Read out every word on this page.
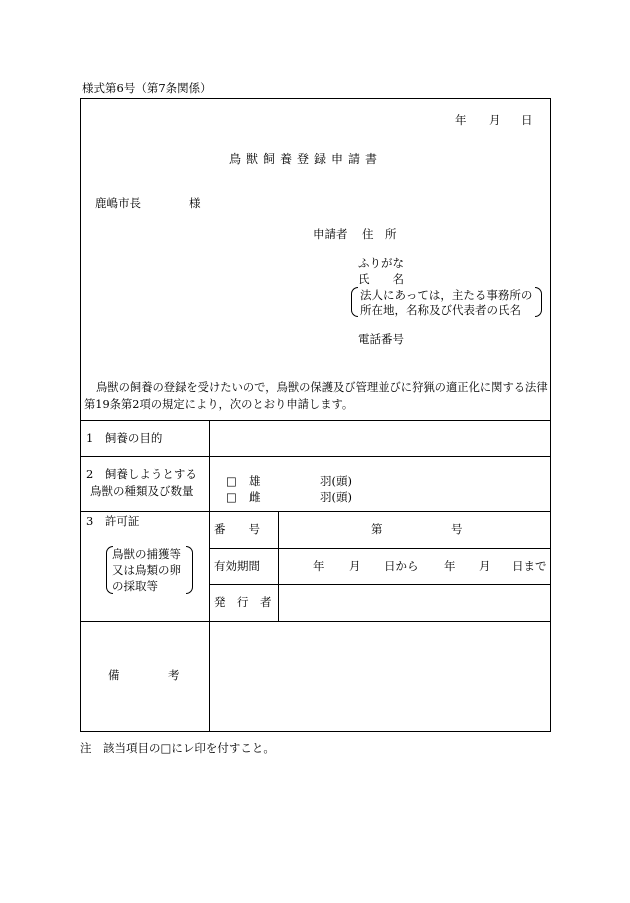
様式第6号（第7条関係）
年 月 日
鳥獣飼養登録申請書
鹿嶋市長	様
申請者 住　所
ふりがな
氏　　名
法人にあっては，主たる事務所の
所在地，名称及び代表者の氏名
電話番号
鳥獣の飼養の登録を受けたいので，鳥獣の保護及び管理並びに狩猟の適正化に関する法律第19条第2項の規定により，次のとおり申請します。
1　飼養の目的
2　飼養しようとする
鳥獣の種類及び数量
□ 雄	羽(頭)
□ 雌	羽(頭)
3　許可証
鳥獣の捕獲等
又は鳥類の卵
の採取等
番　　号	第	号
有効期間	年 月 日から 年 月 日まで
発　行　者
備	考
注　該当項目の□にレ印を付すこと。
